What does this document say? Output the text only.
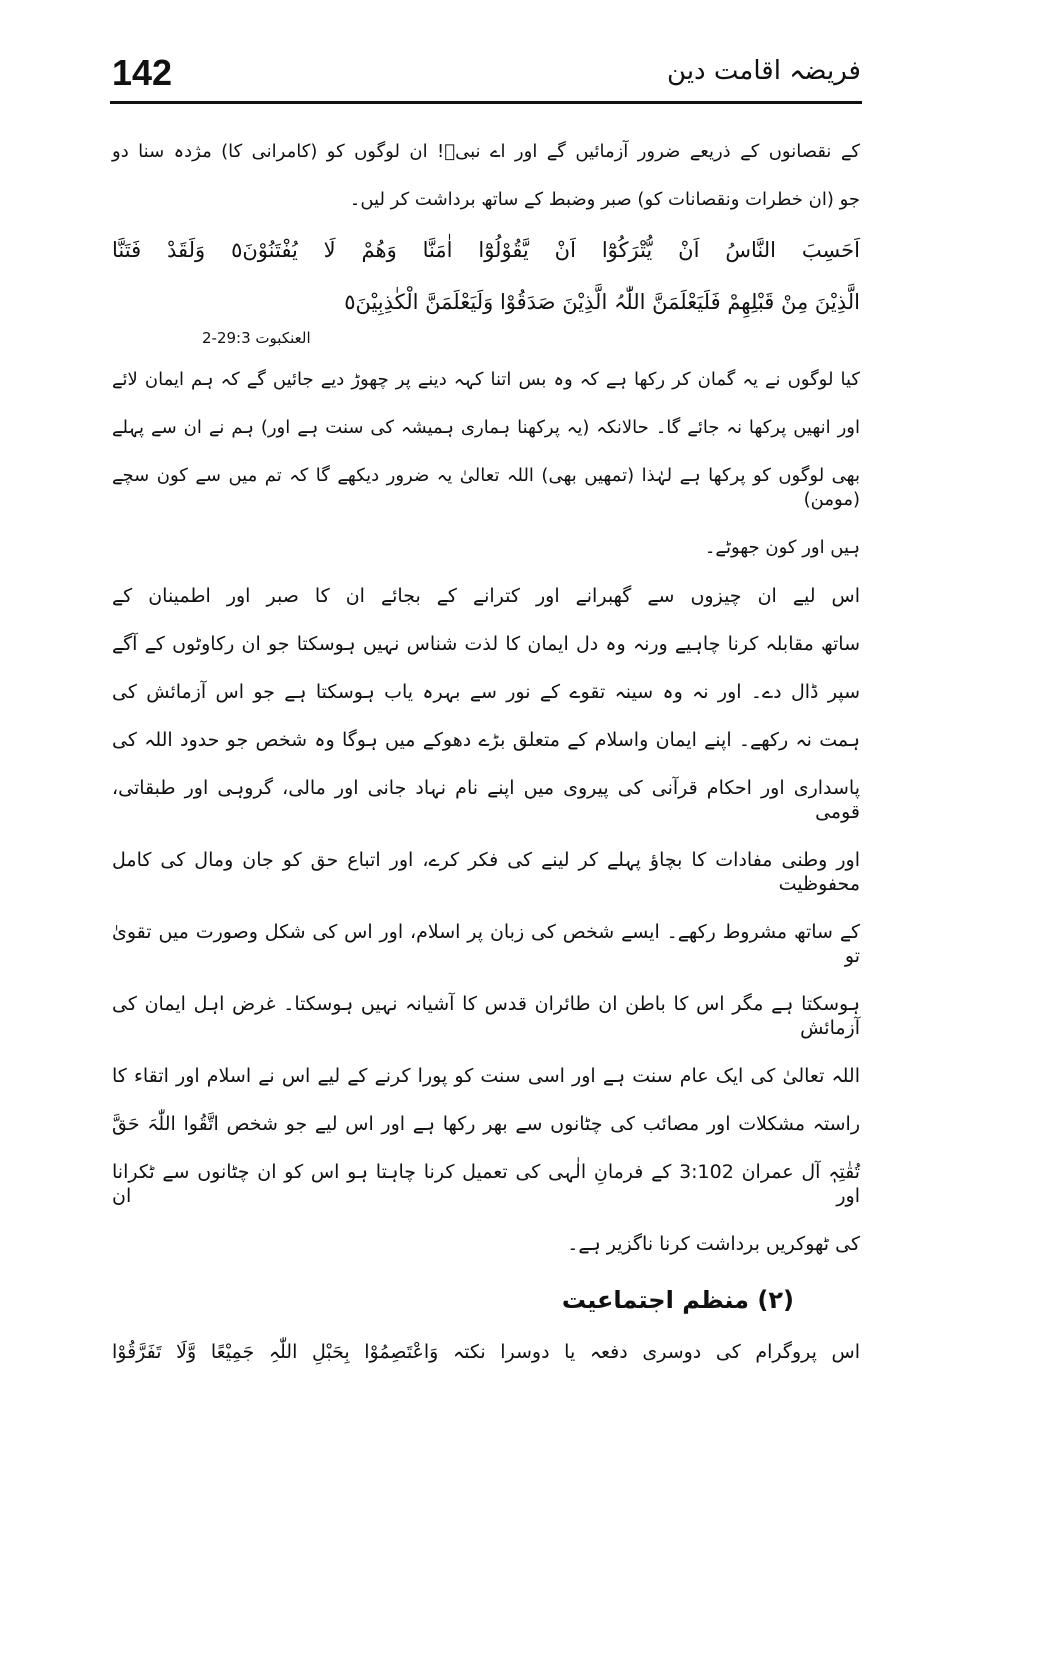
142	فریضہ اقامت دین
کے نقصانوں کے ذریعے ضرور آزمائیں گے اور اے نبیؐ! ان لوگوں کو (کامرانی کا) مژدہ سنا دو
جو (ان خطرات ونقصانات کو) صبر وضبط کے ساتھ برداشت کر لیں۔
اَحَسِبَ النَّاسُ اَنْ یُّتْرَکُوْٓا اَنْ یَّقُوْلُوْٓا اٰمَنَّا وَھُمْ لَا یُفْتَنُوْنَ٥ وَلَقَدْ فَتَنَّا
الَّذِیْنَ مِنْ قَبْلِھِمْ فَلَیَعْلَمَنَّ اللّٰہُ الَّذِیْنَ صَدَقُوْا وَلَیَعْلَمَنَّ الْکٰذِبِیْنَ٥
العنکبوت 29:3-2
کیا لوگوں نے یہ گمان کر رکھا ہے کہ وہ بس اتنا کہہ دینے پر چھوڑ دیے جائیں گے کہ ہم ایمان لائے
اور انھیں پرکھا نہ جائے گا۔ حالانکہ (یہ پرکھنا ہماری ہمیشہ کی سنت ہے اور) ہم نے ان سے پہلے
بھی لوگوں کو پرکھا ہے لہٰذا (تمھیں بھی) اللہ تعالیٰ یہ ضرور دیکھے گا کہ تم میں سے کون سچے (مومن)
ہیں اور کون جھوٹے۔
اس لیے ان چیزوں سے گھبرانے اور کترانے کے بجائے ان کا صبر اور اطمینان کے
ساتھ مقابلہ کرنا چاہیے ورنہ وہ دل ایمان کا لذت شناس نہیں ہوسکتا جو ان رکاوٹوں کے آگے
سپر ڈال دے۔ اور نہ وہ سینہ تقوے کے نور سے بہرہ یاب ہوسکتا ہے جو اس آزمائش کی
ہمت نہ رکھے۔ اپنے ایمان واسلام کے متعلق بڑے دھوکے میں ہوگا وہ شخص جو حدود اللہ کی
پاسداری اور احکام قرآنی کی پیروی میں اپنے نام نہاد جانی اور مالی، گروہی اور طبقاتی، قومی
اور وطنی مفادات کا بچاؤ پہلے کر لینے کی فکر کرے، اور اتباع حق کو جان ومال کی کامل محفوظیت
کے ساتھ مشروط رکھے۔ ایسے شخص کی زبان پر اسلام، اور اس کی شکل وصورت میں تقویٰ تو
ہوسکتا ہے مگر اس کا باطن ان طائران قدس کا آشیانہ نہیں ہوسکتا۔ غرض اہل ایمان کی آزمائش
اللہ تعالیٰ کی ایک عام سنت ہے اور اسی سنت کو پورا کرنے کے لیے اس نے اسلام اور اتقاء کا
راستہ مشکلات اور مصائب کی چٹانوں سے بھر رکھا ہے اور اس لیے جو شخص اتَّقُوا اللّٰہَ حَقَّ
تُقٰتِہٖ آل عمران 3:102 کے فرمانِ الٰہی کی تعمیل کرنا چاہتا ہو اس کو ان چٹانوں سے ٹکرانا اور ان
کی ٹھوکریں برداشت کرنا ناگزیر ہے۔
(۲) منظم اجتماعیت
اس پروگرام کی دوسری دفعہ یا دوسرا نکتہ وَاعْتَصِمُوْا بِحَبْلِ اللّٰہِ جَمِیْعًا وَّلَا تَفَرَّقُوْا
